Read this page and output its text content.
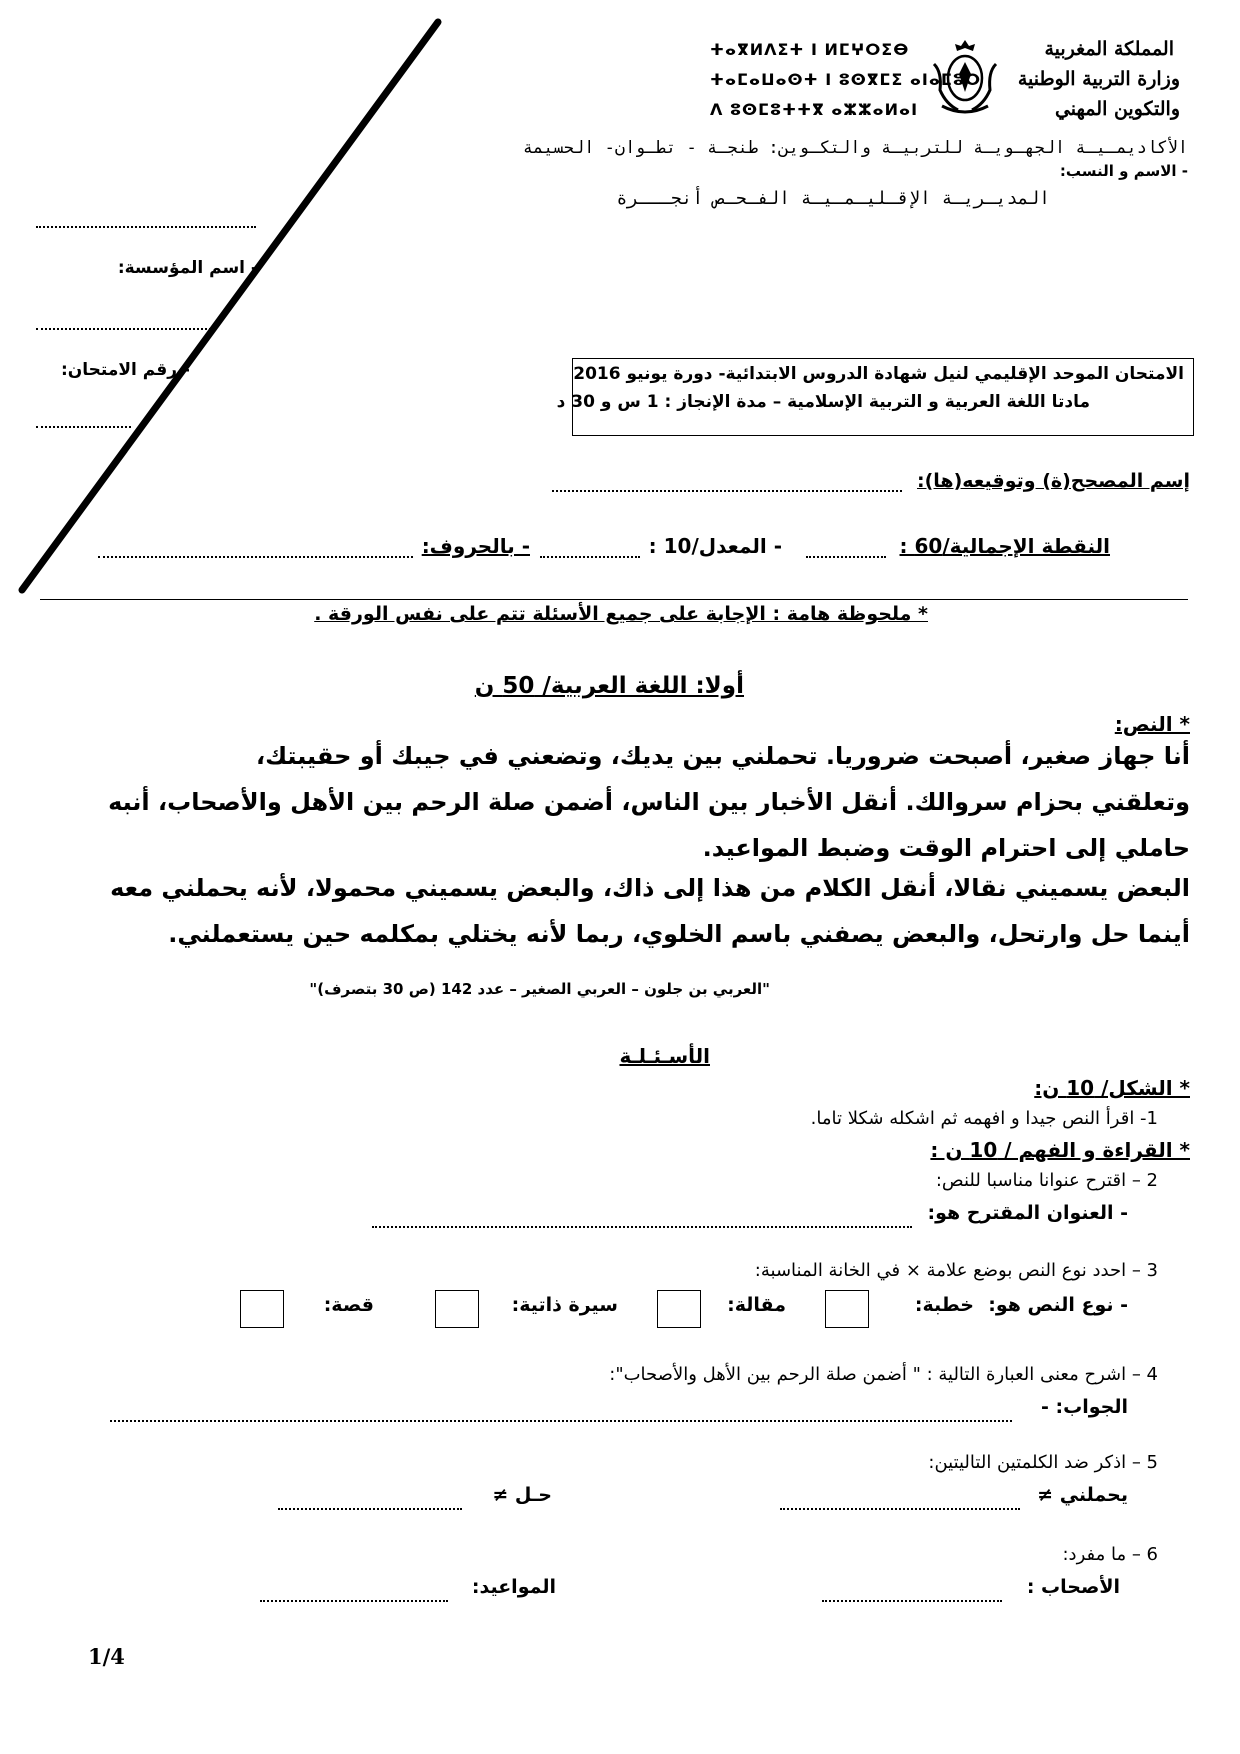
المملكة المغربية
وزارة التربية الوطنية
والتكوين المهني
ⵜⴰⴳⵍⴷⵉⵜ ⵏ ⵍⵎⵖⵔⵉⴱ
ⵜⴰⵎⴰⵡⴰⵙⵜ ⵏ ⵓⵙⴳⵎⵉ ⴰⵏⴰⵎⵓⵔ
ⴷ ⵓⵙⵎⵓⵜⵜⴳ ⴰⵣⵣⴰⵍⴰⵏ
الأكاديمـيـة الجهـويـة للتربيـة والتكـوين: طنجـة - تطـوان- الحسيمة
- الاسم و النسب:
المديـريـة الإقـليـمـيـة الفـحـص أنجـــرة
- اسم المؤسسة:
- رقم الامتحان:	الامتحان الموحد الإقليمي لنيل شهادة الدروس الابتدائية- دورة يونيو 2016
مادتا اللغة العربية و التربية الإسلامية – مدة الإنجاز : 1 س و 30 د
إسم المصحح(ة) وتوقيعه(ها):
النقطة الإجمالية/60 :
- المعدل/10 :
- بالحروف:
* ملحوظة هامة : الإجابة على جميع الأسئلة تتم على نفس الورقة .
أولا: اللغة العربية/ 50 ن
* النص:
أنا جهاز صغير، أصبحت ضروريا. تحملني بين يديك، وتضعني في جيبك أو حقيبتك،
وتعلقني بحزام سروالك. أنقل الأخبار بين الناس، أضمن صلة الرحم بين الأهل والأصحاب، أنبه
حاملي إلى احترام الوقت وضبط المواعيد.
البعض يسميني نقالا، أنقل الكلام من هذا إلى ذاك، والبعض يسميني محمولا، لأنه يحملني معه
أينما حل وارتحل، والبعض يصفني باسم الخلوي، ربما لأنه يختلي بمكلمه حين يستعملني.
"العربي بن جلون – العربي الصغير – عدد 142 (ص 30 بتصرف)"
الأسـئـلـة
* الشكل/ 10 ن:
1- اقرأ النص جيدا و افهمه ثم اشكله شكلا تاما.
* القراءة و الفهم / 10 ن :
2 – اقترح عنوانا مناسبا للنص:
- العنوان المقترح هو:
3 – احدد نوع النص بوضع علامة × في الخانة المناسبة:
- نوع النص هو:
خطبة:
مقالة:
سيرة ذاتية:
قصة:
4 – اشرح معنى العبارة التالية : " أضمن صلة الرحم بين الأهل والأصحاب":
الجواب: -
5 – اذكر ضد الكلمتين التاليتين:
يحملني ≠
حـل ≠
6 – ما مفرد:
الأصحاب :
المواعيد:
1/4
